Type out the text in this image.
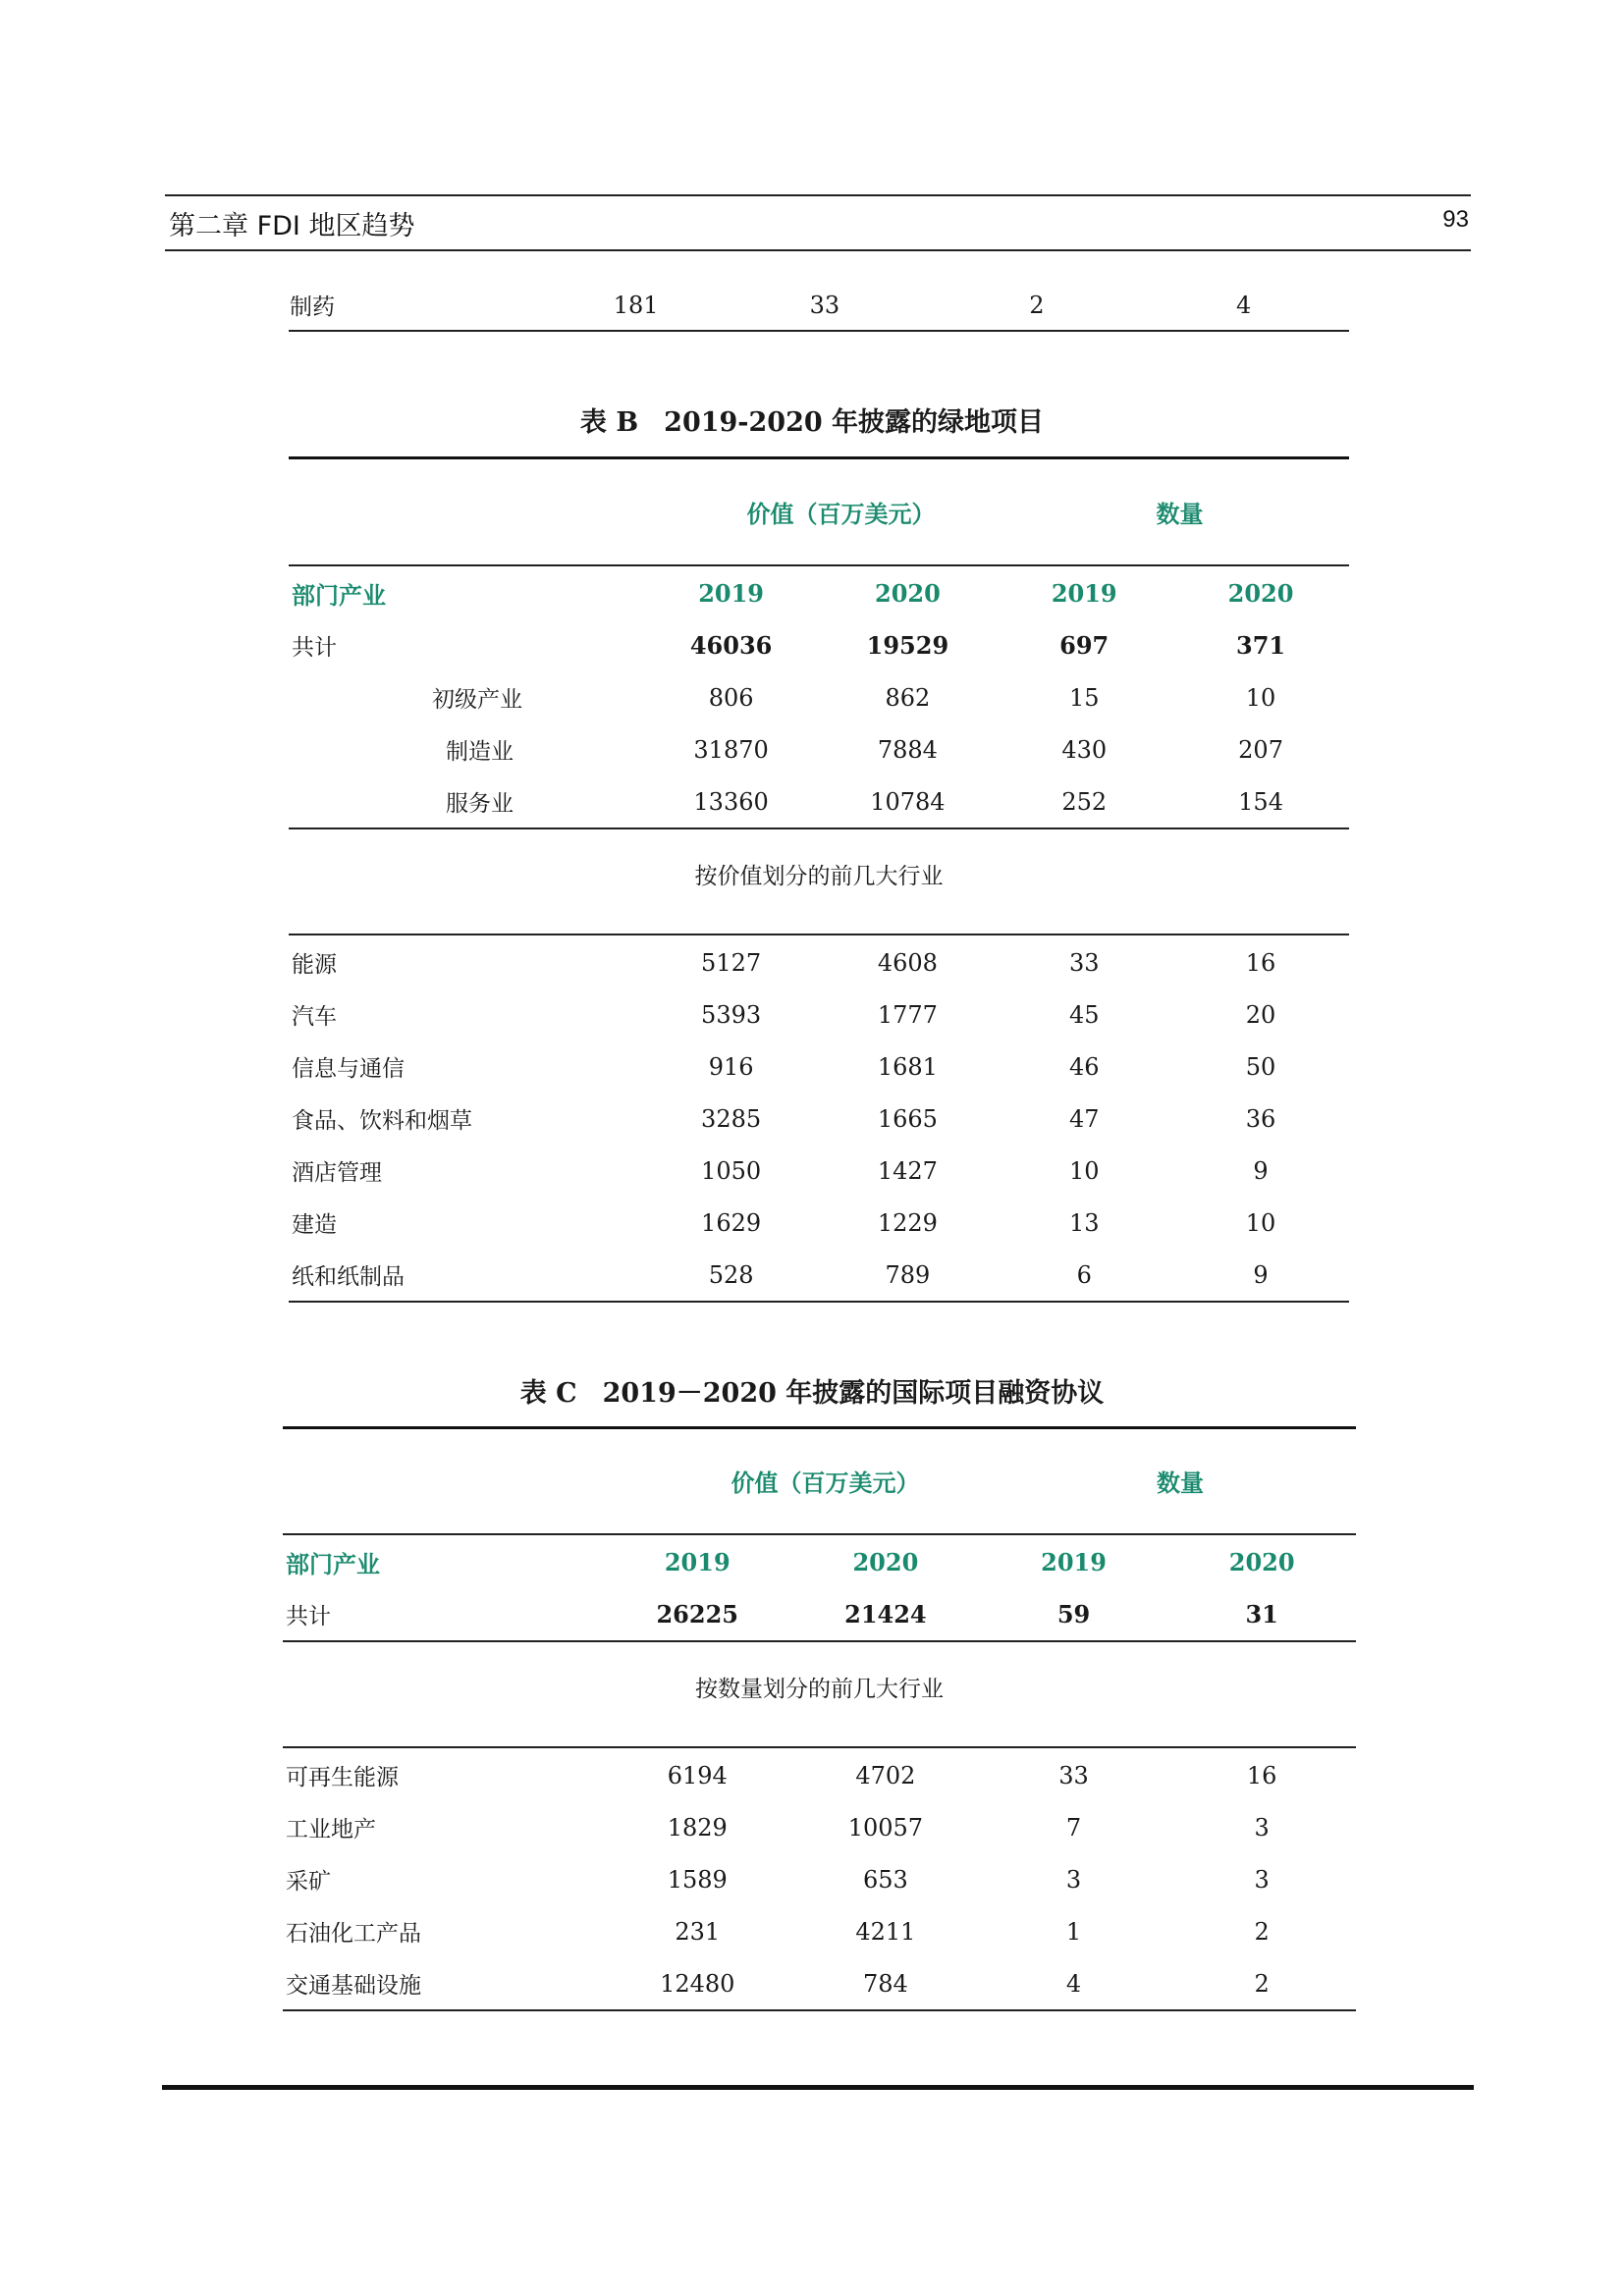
第二章 FDI 地区趋势	93
制药	181	33	2	4
表 B 2019-2020 年披露的绿地项目
	价值（百万美元）	数量
部门产业	2019	2020	2019	2020
共计	46036	19529	697	371
初级产业	806	862	15	10
制造业	31870	7884	430	207
服务业	13360	10784	252	154
按价值划分的前几大行业
能源	5127	4608	33	16
汽车	5393	1777	45	20
信息与通信	916	1681	46	50
食品、饮料和烟草	3285	1665	47	36
酒店管理	1050	1427	10	9
建造	1629	1229	13	10
纸和纸制品	528	789	6	9
表 C 2019－2020 年披露的国际项目融资协议
	价值（百万美元）	数量
部门产业	2019	2020	2019	2020
共计	26225	21424	59	31
按数量划分的前几大行业
可再生能源	6194	4702	33	16
工业地产	1829	10057	7	3
采矿	1589	653	3	3
石油化工产品	231	4211	1	2
交通基础设施	12480	784	4	2
